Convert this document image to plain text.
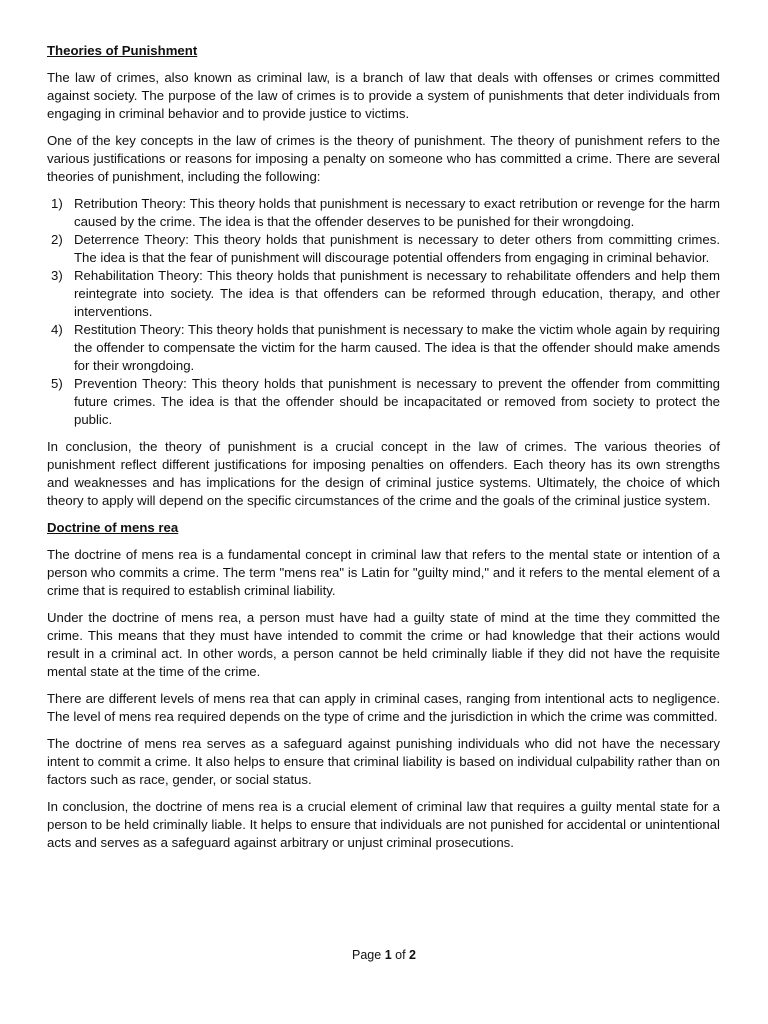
Theories of Punishment

The law of crimes, also known as criminal law, is a branch of law that deals with offenses or crimes committed against society. The purpose of the law of crimes is to provide a system of punishments that deter individuals from engaging in criminal behavior and to provide justice to victims.

One of the key concepts in the law of crimes is the theory of punishment. The theory of punishment refers to the various justifications or reasons for imposing a penalty on someone who has committed a crime. There are several theories of punishment, including the following:

1) Retribution Theory: This theory holds that punishment is necessary to exact retribution or revenge for the harm caused by the crime. The idea is that the offender deserves to be punished for their wrongdoing.
2) Deterrence Theory: This theory holds that punishment is necessary to deter others from committing crimes. The idea is that the fear of punishment will discourage potential offenders from engaging in criminal behavior.
3) Rehabilitation Theory: This theory holds that punishment is necessary to rehabilitate offenders and help them reintegrate into society. The idea is that offenders can be reformed through education, therapy, and other interventions.
4) Restitution Theory: This theory holds that punishment is necessary to make the victim whole again by requiring the offender to compensate the victim for the harm caused. The idea is that the offender should make amends for their wrongdoing.
5) Prevention Theory: This theory holds that punishment is necessary to prevent the offender from committing future crimes. The idea is that the offender should be incapacitated or removed from society to protect the public.

In conclusion, the theory of punishment is a crucial concept in the law of crimes. The various theories of punishment reflect different justifications for imposing penalties on offenders. Each theory has its own strengths and weaknesses and has implications for the design of criminal justice systems. Ultimately, the choice of which theory to apply will depend on the specific circumstances of the crime and the goals of the criminal justice system.

Doctrine of mens rea

The doctrine of mens rea is a fundamental concept in criminal law that refers to the mental state or intention of a person who commits a crime. The term "mens rea" is Latin for "guilty mind," and it refers to the mental element of a crime that is required to establish criminal liability.

Under the doctrine of mens rea, a person must have had a guilty state of mind at the time they committed the crime. This means that they must have intended to commit the crime or had knowledge that their actions would result in a criminal act. In other words, a person cannot be held criminally liable if they did not have the requisite mental state at the time of the crime.

There are different levels of mens rea that can apply in criminal cases, ranging from intentional acts to negligence. The level of mens rea required depends on the type of crime and the jurisdiction in which the crime was committed.

The doctrine of mens rea serves as a safeguard against punishing individuals who did not have the necessary intent to commit a crime. It also helps to ensure that criminal liability is based on individual culpability rather than on factors such as race, gender, or social status.

In conclusion, the doctrine of mens rea is a crucial element of criminal law that requires a guilty mental state for a person to be held criminally liable. It helps to ensure that individuals are not punished for accidental or unintentional acts and serves as a safeguard against arbitrary or unjust criminal prosecutions.

Page 1 of 2
